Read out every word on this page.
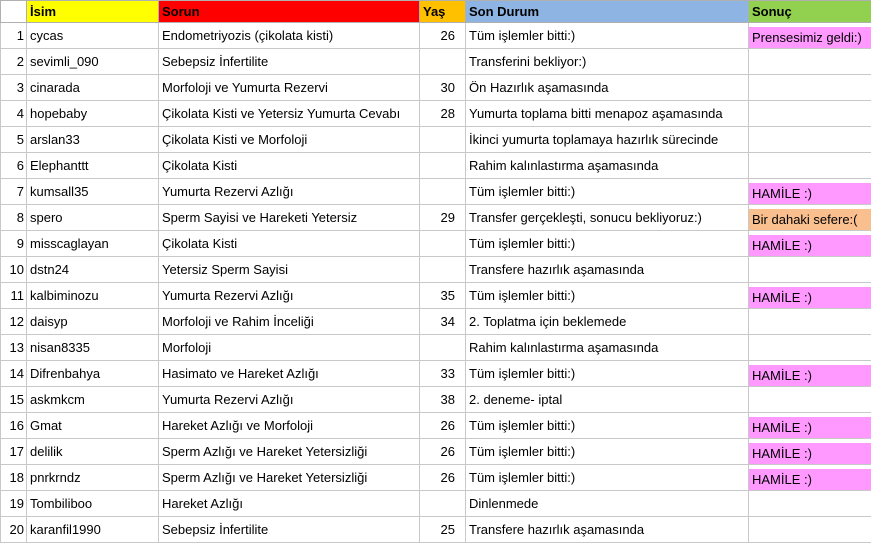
	İsim	Sorun	Yaş	Son Durum	Sonuç
1	cycas	Endometriyozis (çikolata kisti)	26	Tüm işlemler bitti:)	Prensesimiz geldi:)

2	sevimli_090	Sebepsiz İnfertilite		Transferini bekliyor:)	
3	cinarada	Morfoloji ve Yumurta Rezervi	30	Ön Hazırlık aşamasında	
4	hopebaby	Çikolata Kisti ve Yetersiz Yumurta Cevabı	28	Yumurta toplama bitti menapoz aşamasında	
5	arslan33	Çikolata Kisti ve Morfoloji		İkinci yumurta toplamaya hazırlık sürecinde	
6	Elephanttt	Çikolata Kisti		Rahim kalınlastırma aşamasında	
7	kumsall35	Yumurta Rezervi Azlığı		Tüm işlemler bitti:)	HAMİLE :)

8	spero	Sperm Sayisi ve Hareketi Yetersiz	29	Transfer gerçekleşti, sonucu bekliyoruz:)	Bir dahaki sefere:(

9	misscaglayan	Çikolata Kisti		Tüm işlemler bitti:)	HAMİLE :)

10	dstn24	Yetersiz Sperm Sayisi		Transfere hazırlık aşamasında	
11	kalbiminozu	Yumurta Rezervi Azlığı	35	Tüm işlemler bitti:)	HAMİLE :)

12	daisyp	Morfoloji ve Rahim İnceliği	34	2. Toplatma için beklemede	
13	nisan8335	Morfoloji		Rahim kalınlastırma aşamasında	
14	Difrenbahya	Hasimato ve Hareket Azlığı	33	Tüm işlemler bitti:)	HAMİLE :)

15	askmkcm	Yumurta Rezervi Azlığı	38	2. deneme- iptal	
16	Gmat	Hareket Azlığı ve Morfoloji	26	Tüm işlemler bitti:)	HAMİLE :)

17	delilik	Sperm Azlığı ve Hareket Yetersizliği	26	Tüm işlemler bitti:)	HAMİLE :)

18	pnrkrndz	Sperm Azlığı ve Hareket Yetersizliği	26	Tüm işlemler bitti:)	HAMİLE :)

19	Tombiliboo	Hareket Azlığı		Dinlenmede	
20	karanfil1990	Sebepsiz İnfertilite	25	Transfere hazırlık aşamasında	
